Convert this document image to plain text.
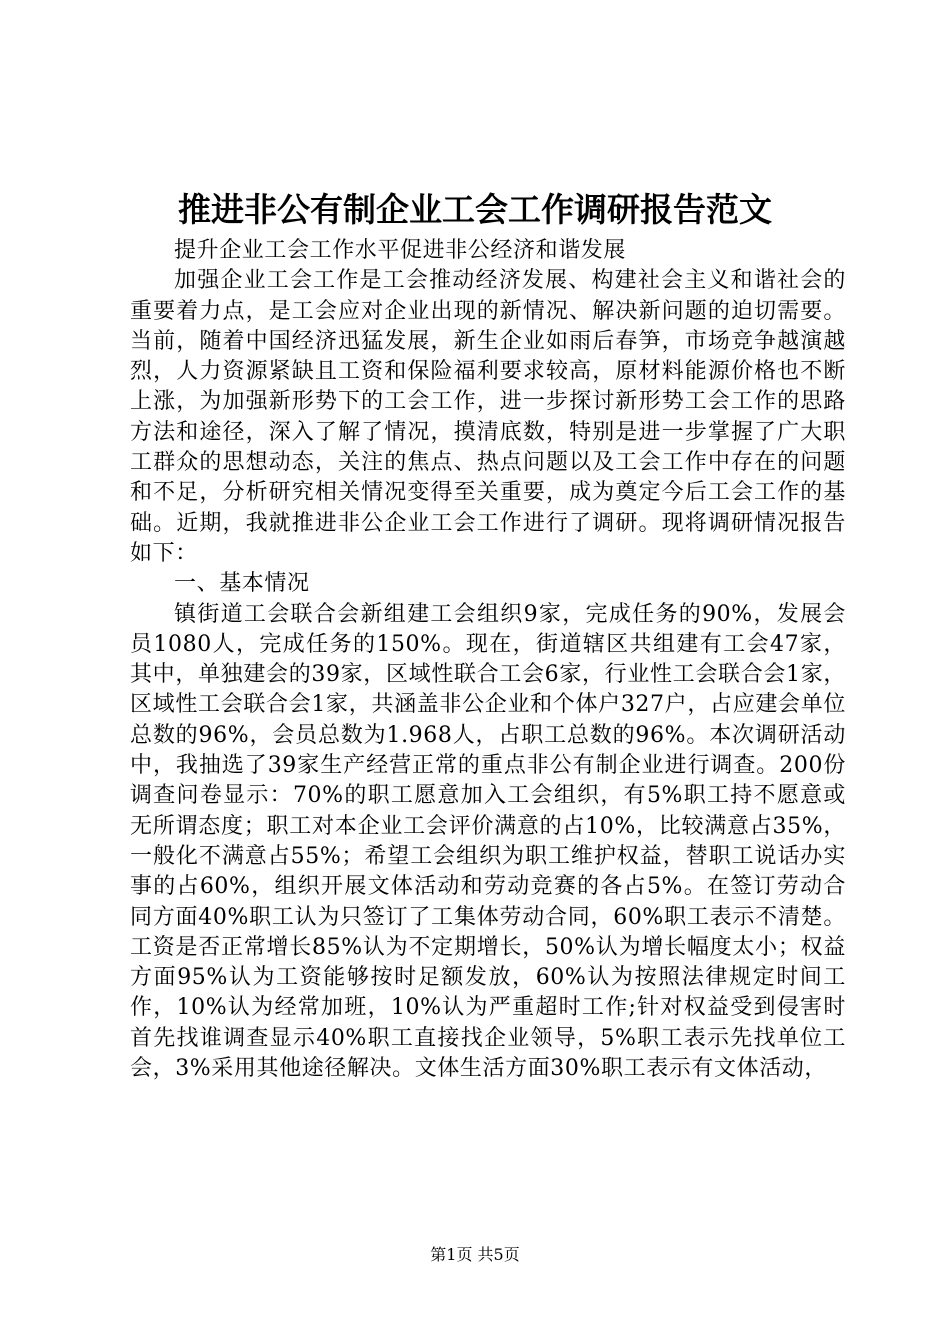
推进非公有制企业工会工作调研报告范文

提升企业工会工作水平促进非公经济和谐发展

加强企业工会工作是工会推动经济发展、构建社会主义和谐社会的重要着力点，是工会应对企业出现的新情况、解决新问题的迫切需要。当前，随着中国经济迅猛发展，新生企业如雨后春笋，市场竞争越演越烈，人力资源紧缺且工资和保险福利要求较高，原材料能源价格也不断上涨，为加强新形势下的工会工作，进一步探讨新形势工会工作的思路方法和途径，深入了解了情况，摸清底数，特别是进一步掌握了广大职工群众的思想动态，关注的焦点、热点问题以及工会工作中存在的问题和不足，分析研究相关情况变得至关重要，成为奠定今后工会工作的基础。近期，我就推进非公企业工会工作进行了调研。现将调研情况报告如下：

一、基本情况

镇街道工会联合会新组建工会组织9家，完成任务的90%，发展会员1080人，完成任务的150%。现在，街道辖区共组建有工会47家，其中，单独建会的39家，区域性联合工会6家，行业性工会联合会1家，区域性工会联合会1家，共涵盖非公企业和个体户327户，占应建会单位总数的96%，会员总数为1.968人，占职工总数的96%。本次调研活动中，我抽选了39家生产经营正常的重点非公有制企业进行调查。200份调查问卷显示：70%的职工愿意加入工会组织，有5%职工持不愿意或无所谓态度；职工对本企业工会评价满意的占10%，比较满意占35%，一般化不满意占55%；希望工会组织为职工维护权益，替职工说话办实事的占60%，组织开展文体活动和劳动竞赛的各占5%。在签订劳动合同方面40%职工认为只签订了工集体劳动合同，60%职工表示不清楚。工资是否正常增长85%认为不定期增长，50%认为增长幅度太小；权益方面95%认为工资能够按时足额发放，60%认为按照法律规定时间工作，10%认为经常加班，10%认为严重超时工作;针对权益受到侵害时首先找谁调查显示40%职工直接找企业领导，5%职工表示先找单位工会，3%采用其他途径解决。文体生活方面30%职工表示有文体活动，

第1页 共5页
